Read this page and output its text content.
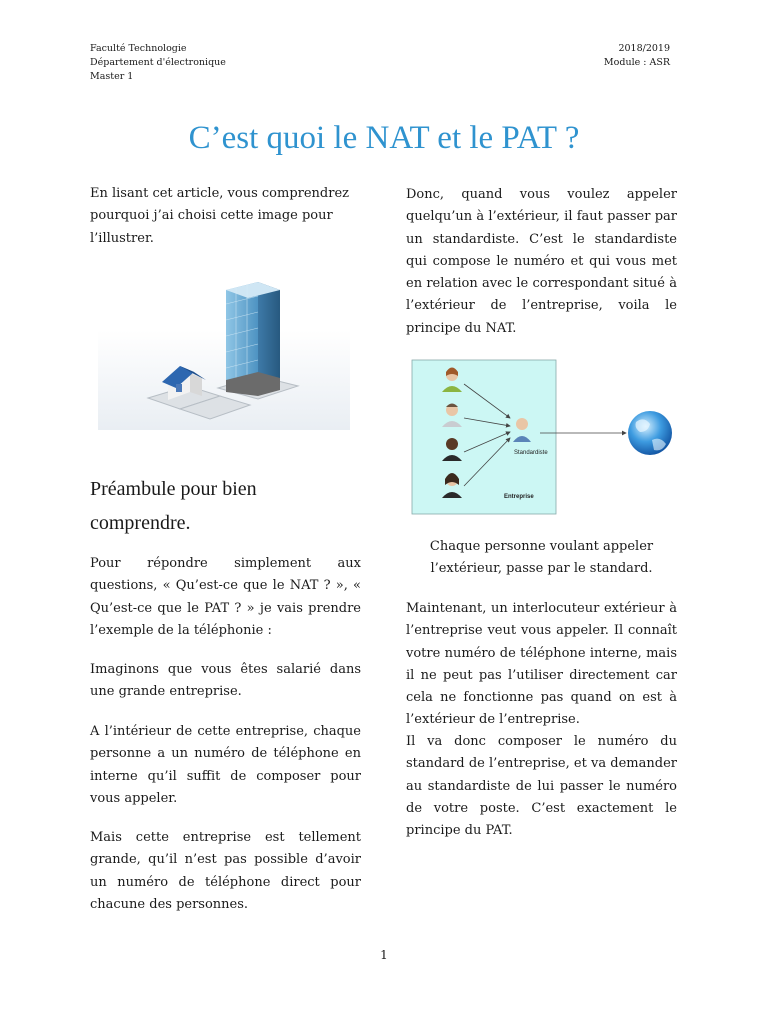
Faculté Technologie
Département d'électronique
Master 1
2018/2019
Module : ASR
C’est quoi le NAT et le PAT ?

En lisant cet article, vous comprendrez pourquoi j’ai choisi cette image pour l’illustrer.

Préambule pour bien comprendre.

Pour répondre simplement aux questions, « Qu’est-ce que le NAT ? », « Qu’est-ce que le PAT ? » je vais prendre l’exemple de la téléphonie :

Imaginons que vous êtes salarié dans une grande entreprise.

A l’intérieur de cette entreprise, chaque personne a un numéro de téléphone en interne qu’il suffit de composer pour vous appeler.

Mais cette entreprise est tellement grande, qu’il n’est pas possible d’avoir un numéro de téléphone direct pour chacune des personnes.

Donc, quand vous voulez appeler quelqu’un à l’extérieur, il faut passer par un standardiste. C’est le standardiste qui compose le numéro et qui vous met en relation avec le correspondant situé à l’extérieur de l’entreprise, voila le principe du NAT.

Standardiste
Entreprise
Chaque personne voulant appeler l’extérieur, passe par le standard.

Maintenant, un interlocuteur extérieur à l’entreprise veut vous appeler. Il connaît votre numéro de téléphone interne, mais il ne peut pas l’utiliser directement car cela ne fonctionne pas quand on est à l’extérieur de l’entreprise.

Il va donc composer le numéro du standard de l’entreprise, et va demander au standardiste de lui passer le numéro de votre poste. C’est exactement le principe du PAT.

1
